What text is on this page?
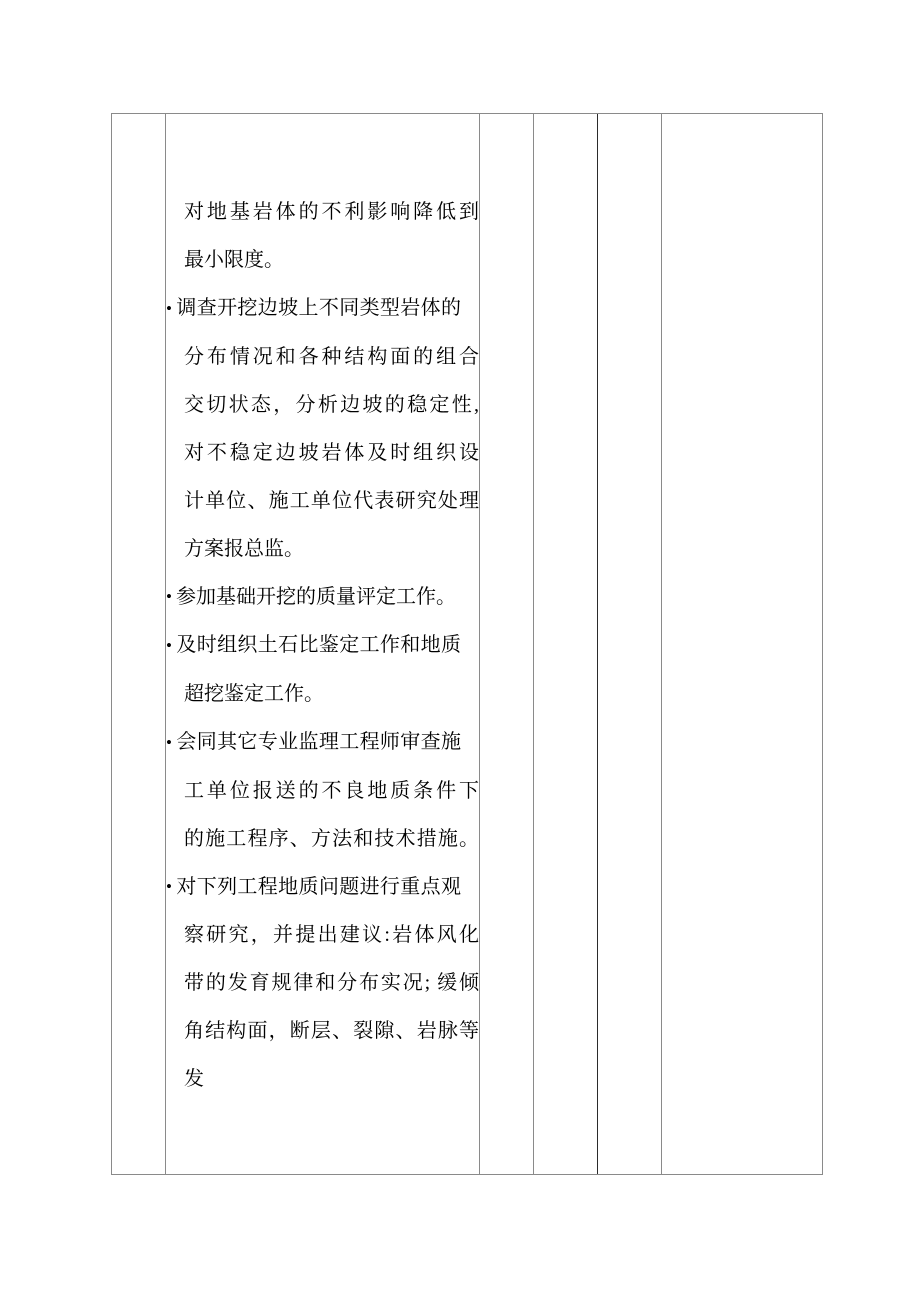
对地基岩体的不利影响降低到
最小限度。
• 调查开挖边坡上不同类型岩体的
分布情况和各种结构面的组合
交切状态，分析边坡的稳定性,
对不稳定边坡岩体及时组织设
计单位、施工单位代表研究处理
方案报总监。
• 参加基础开挖的质量评定工作。
• 及时组织土石比鉴定工作和地质
超挖鉴定工作。
• 会同其它专业监理工程师审查施
工单位报送的不良地质条件下
的施工程序、方法和技术措施。
• 对下列工程地质问题进行重点观
察研究，并提出建议:岩体风化
带的发育规律和分布实况; 缓倾
角结构面，断层、裂隙、岩脉等
发
